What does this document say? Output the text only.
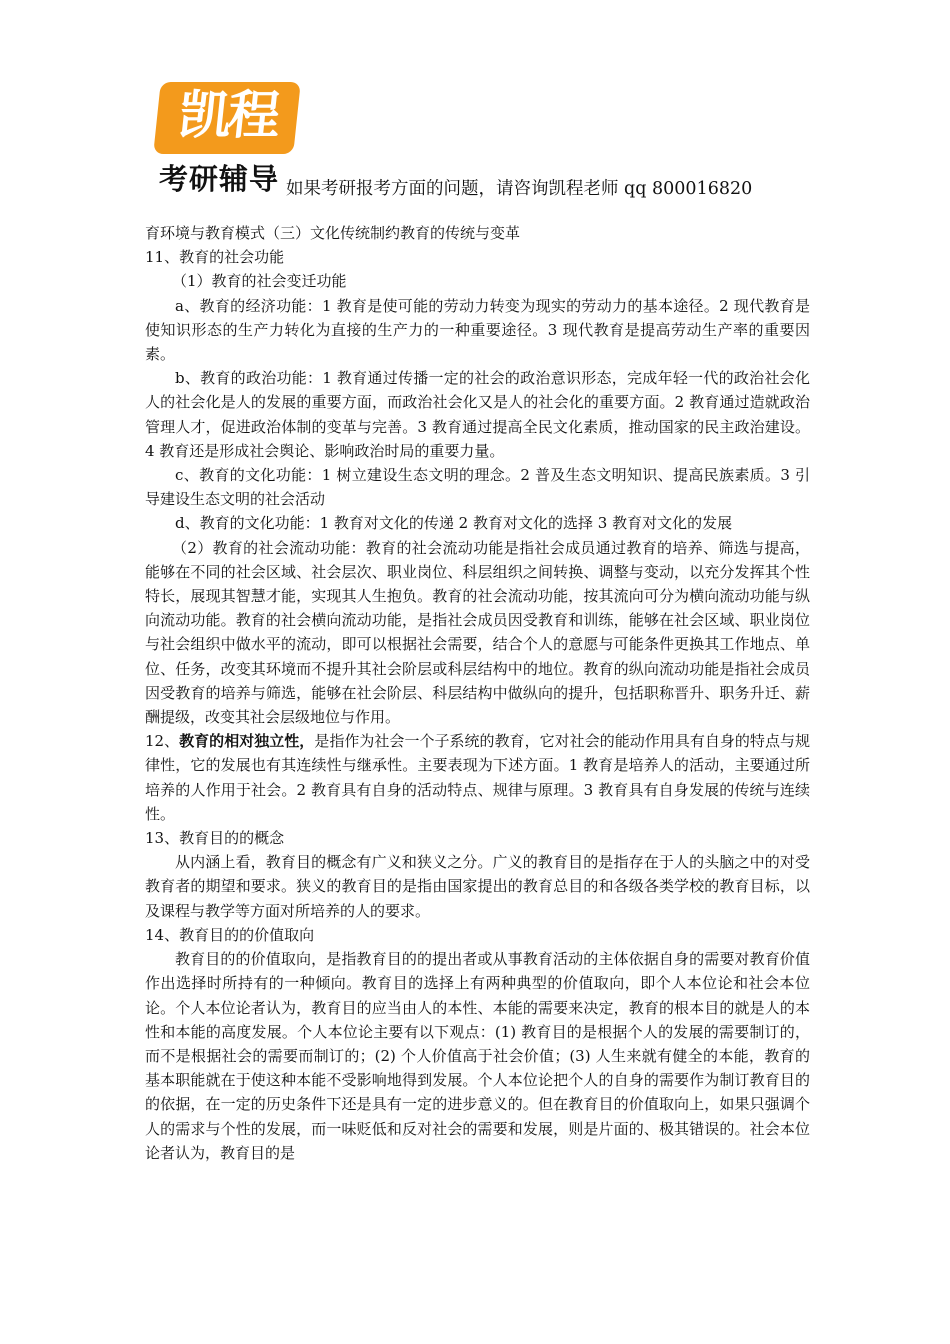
凯程
考研辅导 如果考研报考方面的问题，请咨询凯程老师 qq 800016820

育环境与教育模式（三）文化传统制约教育的传统与变革

11、教育的社会功能

（1）教育的社会变迁功能

a、教育的经济功能：1 教育是使可能的劳动力转变为现实的劳动力的基本途径。2 现代教育是使知识形态的生产力转化为直接的生产力的一种重要途径。3 现代教育是提高劳动生产率的重要因素。

b、教育的政治功能：1 教育通过传播一定的社会的政治意识形态，完成年轻一代的政治社会化人的社会化是人的发展的重要方面，而政治社会化又是人的社会化的重要方面。2 教育通过造就政治管理人才，促进政治体制的变革与完善。3 教育通过提高全民文化素质，推动国家的民主政治建设。4 教育还是形成社会舆论、影响政治时局的重要力量。

c、教育的文化功能：1 树立建设生态文明的理念。2 普及生态文明知识、提高民族素质。3 引导建设生态文明的社会活动

d、教育的文化功能：1 教育对文化的传递 2 教育对文化的选择 3 教育对文化的发展

（2）教育的社会流动功能：教育的社会流动功能是指社会成员通过教育的培养、筛选与提高，能够在不同的社会区域、社会层次、职业岗位、科层组织之间转换、调整与变动，以充分发挥其个性特长，展现其智慧才能，实现其人生抱负。教育的社会流动功能，按其流向可分为横向流动功能与纵向流动功能。教育的社会横向流动功能，是指社会成员因受教育和训练，能够在社会区域、职业岗位与社会组织中做水平的流动，即可以根据社会需要，结合个人的意愿与可能条件更换其工作地点、单位、任务，改变其环境而不提升其社会阶层或科层结构中的地位。教育的纵向流动功能是指社会成员因受教育的培养与筛选，能够在社会阶层、科层结构中做纵向的提升，包括职称晋升、职务升迁、薪酬提级，改变其社会层级地位与作用。

12、教育的相对独立性，是指作为社会一个子系统的教育，它对社会的能动作用具有自身的特点与规律性，它的发展也有其连续性与继承性。主要表现为下述方面。1 教育是培养人的活动，主要通过所培养的人作用于社会。2 教育具有自身的活动特点、规律与原理。3 教育具有自身发展的传统与连续性。

13、教育目的的概念

从内涵上看，教育目的概念有广义和狭义之分。广义的教育目的是指存在于人的头脑之中的对受教育者的期望和要求。狭义的教育目的是指由国家提出的教育总目的和各级各类学校的教育目标，以及课程与教学等方面对所培养的人的要求。

14、教育目的的价值取向

教育目的的价值取向，是指教育目的的提出者或从事教育活动的主体依据自身的需要对教育价值作出选择时所持有的一种倾向。教育目的选择上有两种典型的价值取向，即个人本位论和社会本位论。个人本位论者认为，教育目的应当由人的本性、本能的需要来决定，教育的根本目的就是人的本性和本能的高度发展。个人本位论主要有以下观点：(1) 教育目的是根据个人的发展的需要制订的，而不是根据社会的需要而制订的；(2) 个人价值高于社会价值；(3) 人生来就有健全的本能，教育的基本职能就在于使这种本能不受影响地得到发展。个人本位论把个人的自身的需要作为制订教育目的的依据，在一定的历史条件下还是具有一定的进步意义的。但在教育目的价值取向上，如果只强调个人的需求与个性的发展，而一味贬低和反对社会的需要和发展，则是片面的、极其错误的。社会本位论者认为，教育目的是
